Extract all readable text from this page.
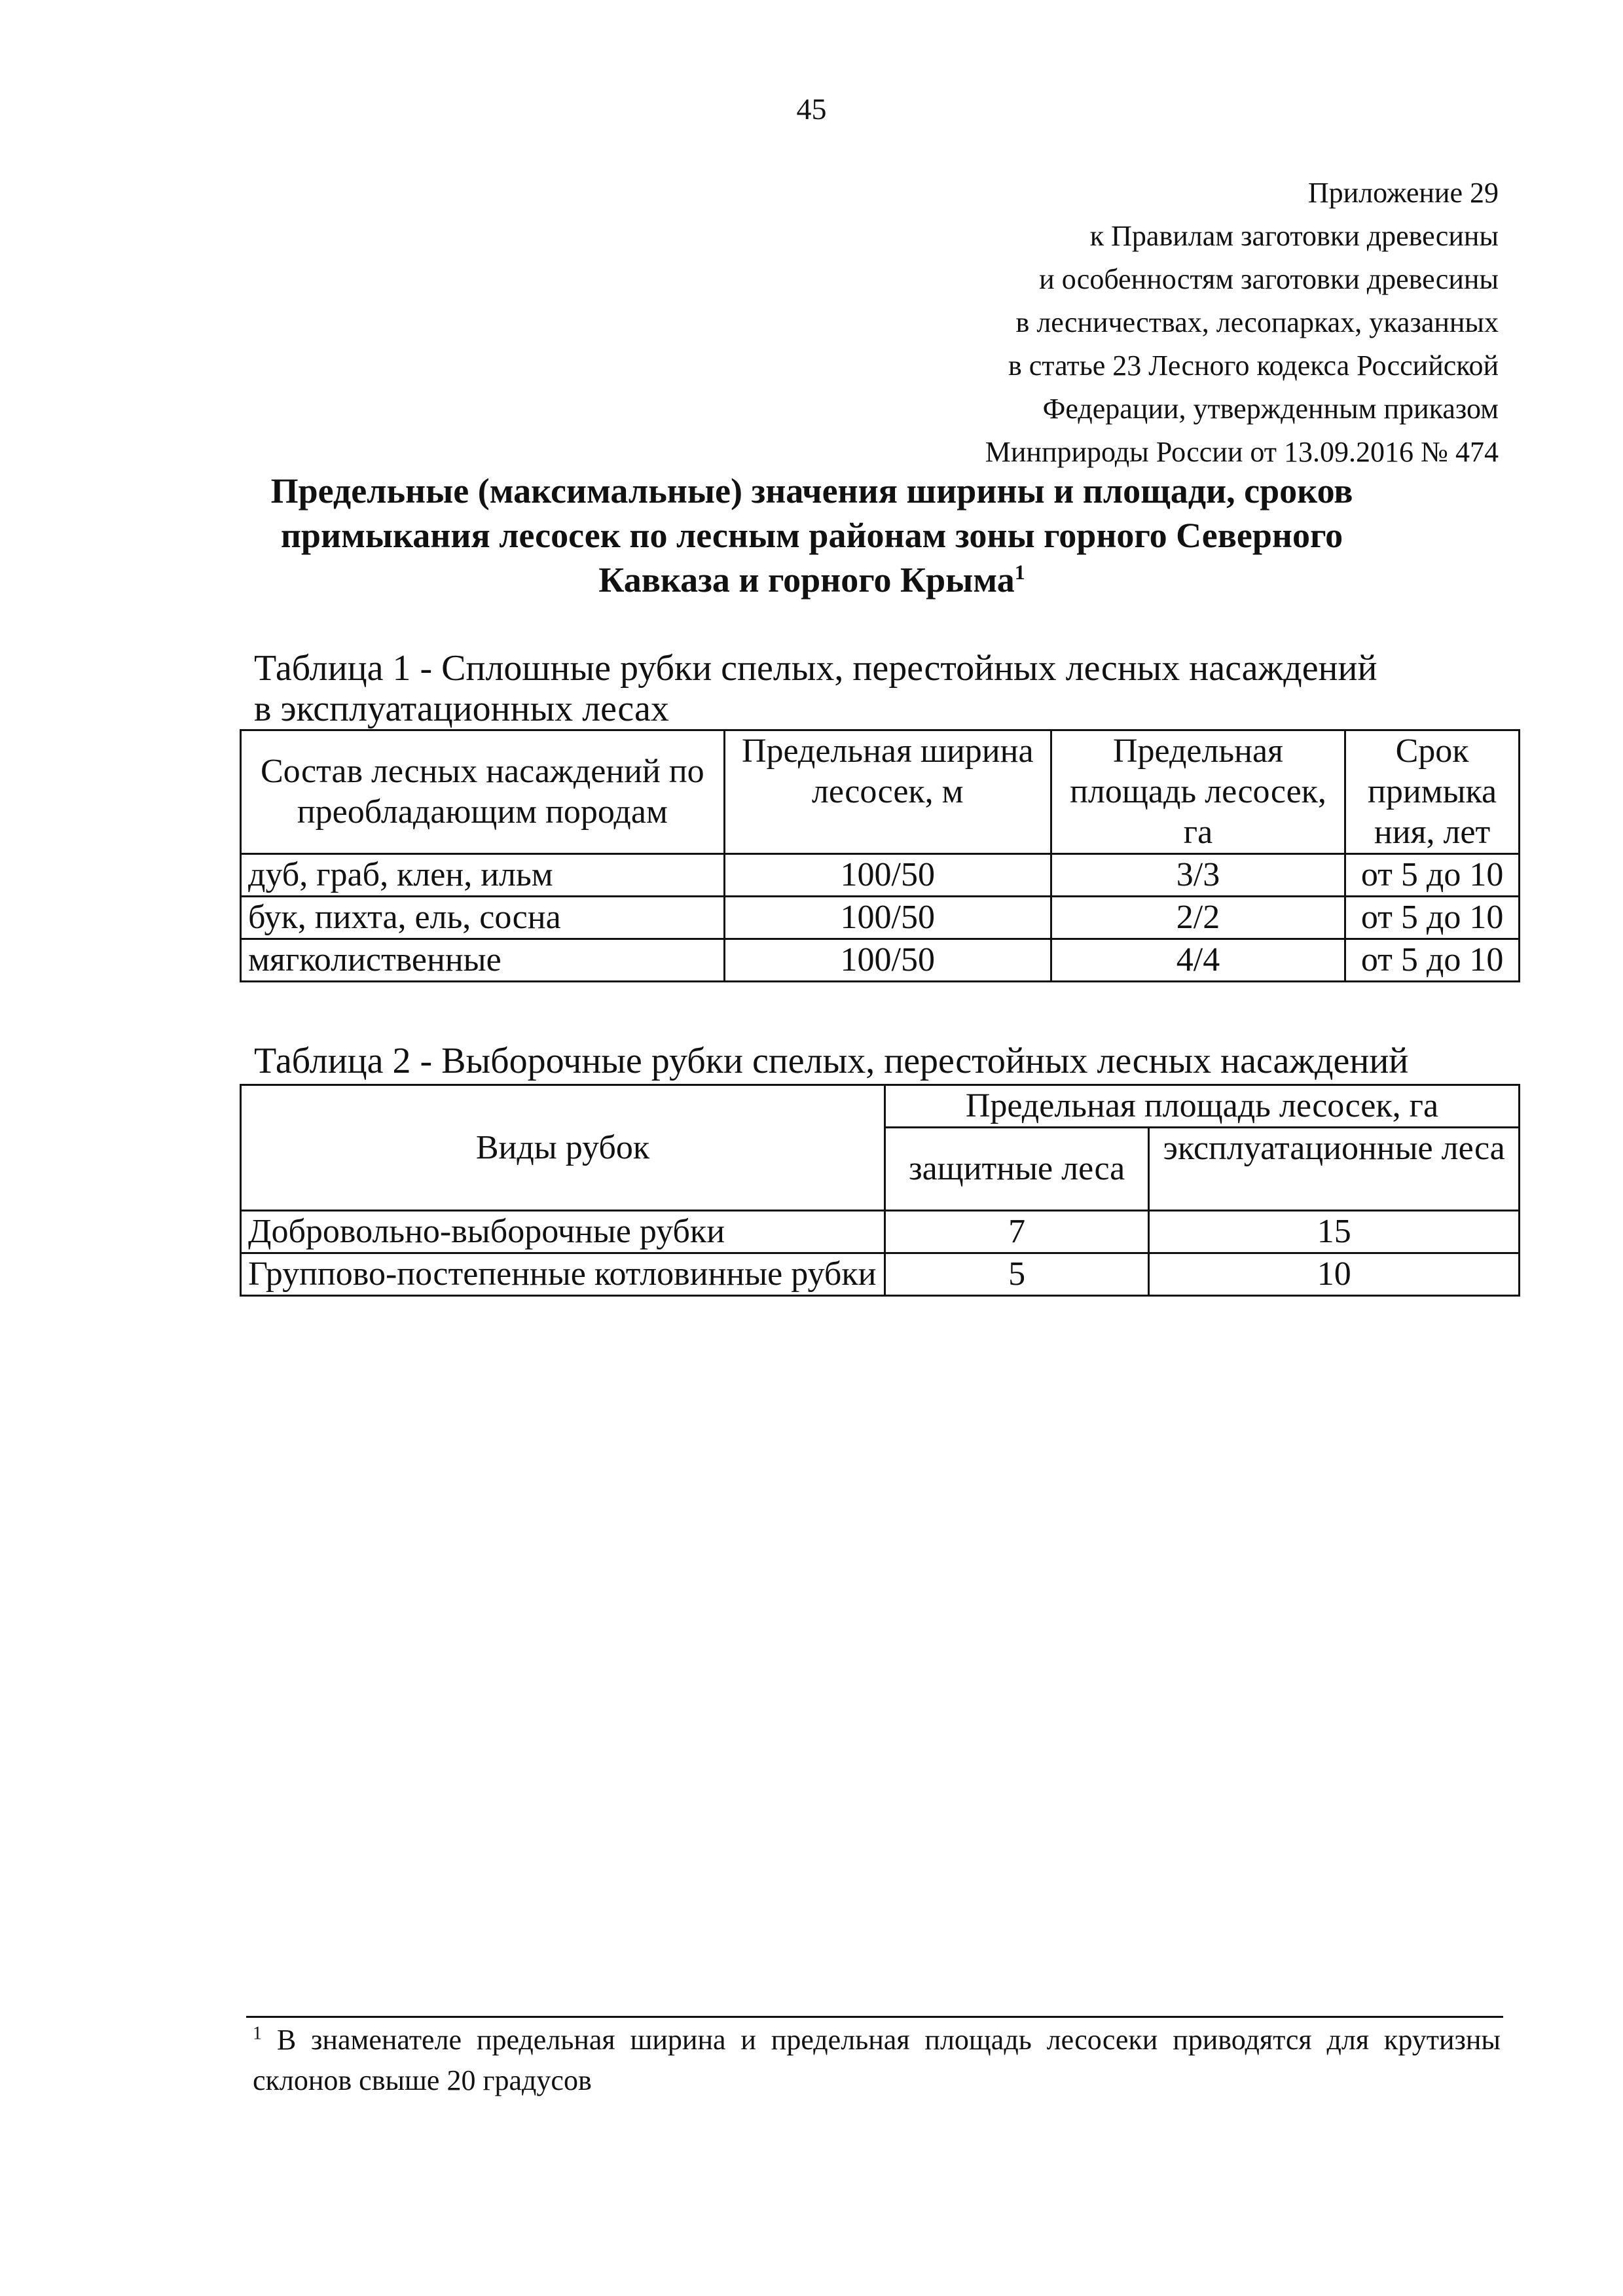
45
Приложение 29
к Правилам заготовки древесины
и особенностям заготовки древесины
в лесничествах, лесопарках, указанных
в статье 23 Лесного кодекса Российской
Федерации, утвержденным приказом
Минприроды России от 13.09.2016 № 474
Предельные (максимальные) значения ширины и площади, сроков примыкания лесосек по лесным районам зоны горного Северного Кавказа и горного Крыма$^1$
Таблица 1 - Сплошные рубки спелых, перестойных лесных насаждений
в эксплуатационных лесах
Состав лесных насаждений по преобладающим породам	Предельная ширина лесосек, м	Предельная площадь лесосек, га	Срок примыка ния, лет
дуб, граб, клен, ильм	100/50	3/3	от 5 до 10
бук, пихта, ель, сосна	100/50	2/2	от 5 до 10
мягколиственные	100/50	4/4	от 5 до 10
Таблица 2 - Выборочные рубки спелых, перестойных лесных насаждений
Виды рубок	Предельная площадь лесосек, га	
	защитные леса	эксплуатационные леса
Добровольно-выборочные рубки	7	15
Группово-постепенные котловинные рубки	5	10
$^1$ В знаменателе предельная ширина и предельная площадь лесосеки приводятся для крутизны склонов свыше 20 градусов
